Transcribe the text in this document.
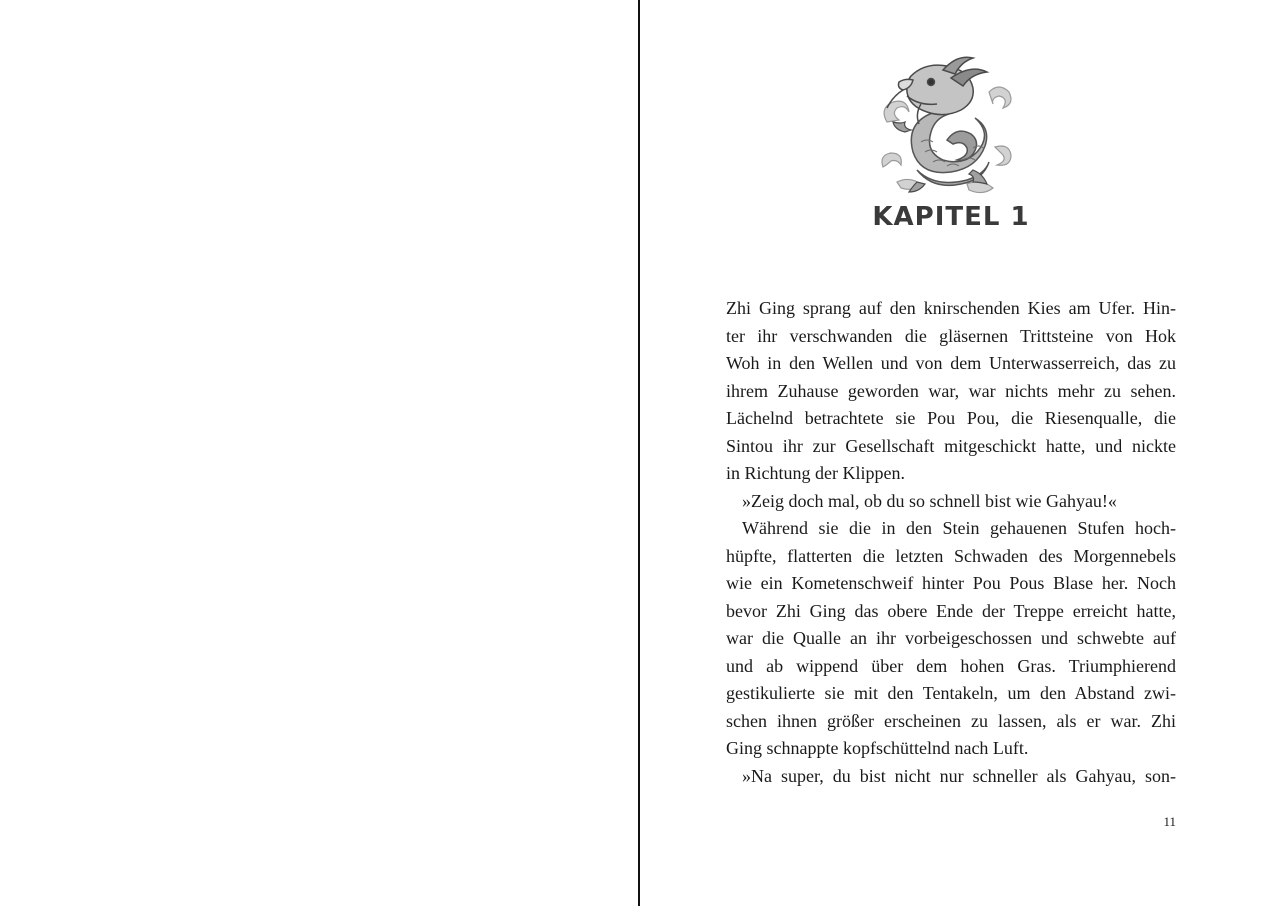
KAPITEL 1
Zhi Ging sprang auf den knirschenden Kies am Ufer. Hin-
ter ihr verschwanden die gläsernen Trittsteine von Hok
Woh in den Wellen und von dem Unterwasserreich, das zu
ihrem Zuhause geworden war, war nichts mehr zu sehen.
Lächelnd betrachtete sie Pou Pou, die Riesenqualle, die
Sintou ihr zur Gesellschaft mitgeschickt hatte, und nickte
in Richtung der Klippen.
»Zeig doch mal, ob du so schnell bist wie Gahyau!«
Während sie die in den Stein gehauenen Stufen hoch-
hüpfte, flatterten die letzten Schwaden des Morgennebels
wie ein Kometenschweif hinter Pou Pous Blase her. Noch
bevor Zhi Ging das obere Ende der Treppe erreicht hatte,
war die Qualle an ihr vorbeigeschossen und schwebte auf
und ab wippend über dem hohen Gras. Triumphierend
gestikulierte sie mit den Tentakeln, um den Abstand zwi-
schen ihnen größer erscheinen zu lassen, als er war. Zhi
Ging schnappte kopfschüttelnd nach Luft.
»Na super, du bist nicht nur schneller als Gahyau, son-
11
